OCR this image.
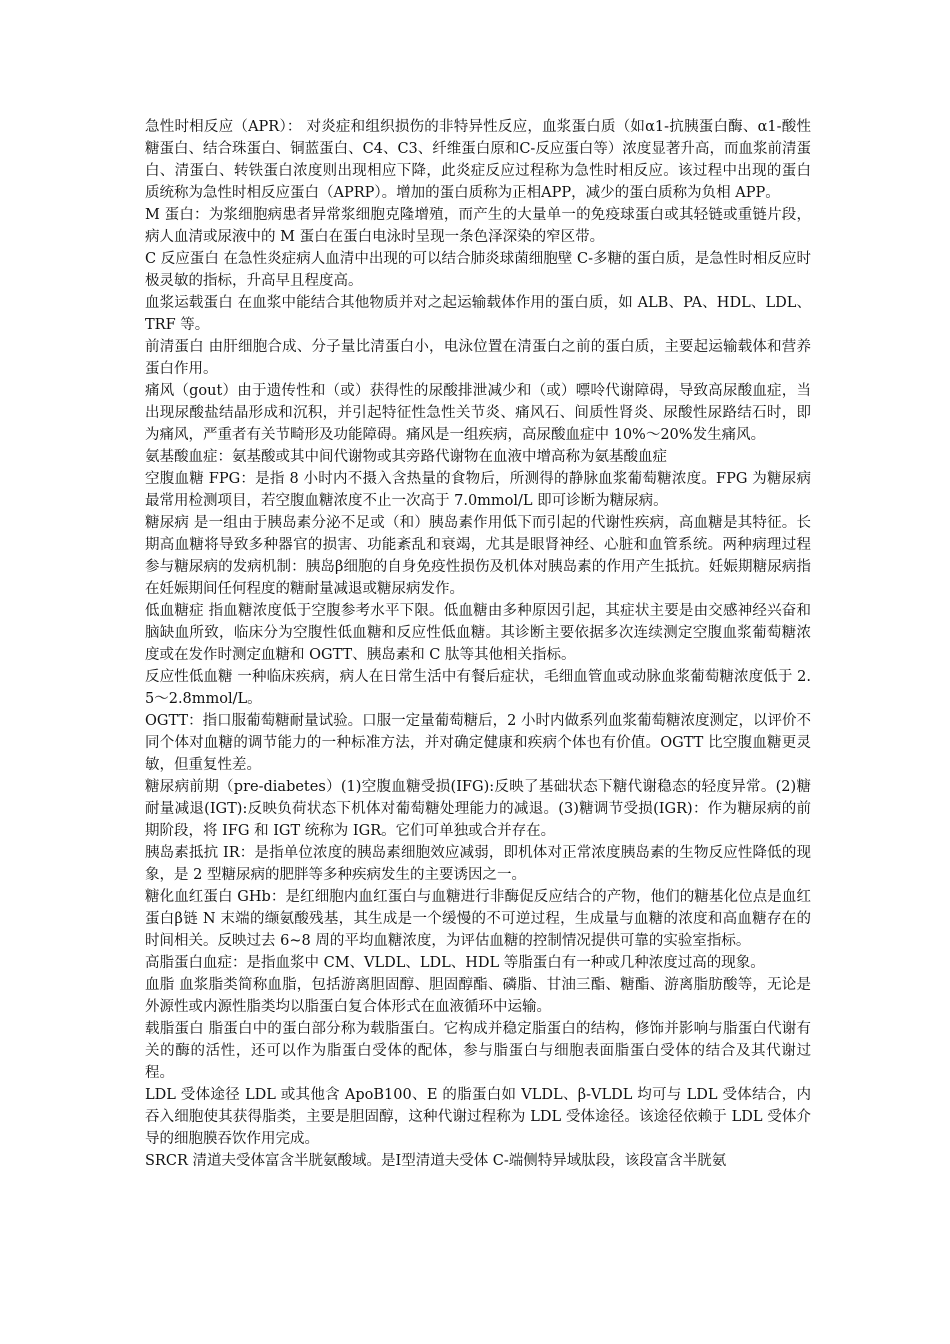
急性时相反应（APR）： 对炎症和组织损伤的非特异性反应，血浆蛋白质（如α1-抗胰蛋白酶、α1-酸性糖蛋白、结合珠蛋白、铜蓝蛋白、C4、C3、纤维蛋白原和C-反应蛋白等）浓度显著升高，而血浆前清蛋白、清蛋白、转铁蛋白浓度则出现相应下降，此炎症反应过程称为急性时相反应。该过程中出现的蛋白质统称为急性时相反应蛋白（APRP）。增加的蛋白质称为正相APP，减少的蛋白质称为负相 APP。

M 蛋白：为浆细胞病患者异常浆细胞克隆增殖，而产生的大量单一的免疫球蛋白或其轻链或重链片段，病人血清或尿液中的 M 蛋白在蛋白电泳时呈现一条色泽深染的窄区带。

C 反应蛋白 在急性炎症病人血清中出现的可以结合肺炎球菌细胞壁 C-多糖的蛋白质，是急性时相反应时极灵敏的指标，升高早且程度高。

血浆运载蛋白 在血浆中能结合其他物质并对之起运输载体作用的蛋白质，如 ALB、PA、HDL、LDL、TRF 等。

前清蛋白 由肝细胞合成、分子量比清蛋白小，电泳位置在清蛋白之前的蛋白质，主要起运输载体和营养蛋白作用。

痛风（gout）由于遗传性和（或）获得性的尿酸排泄减少和（或）嘌呤代谢障碍，导致高尿酸血症，当出现尿酸盐结晶形成和沉积，并引起特征性急性关节炎、痛风石、间质性肾炎、尿酸性尿路结石时，即为痛风，严重者有关节畸形及功能障碍。痛风是一组疾病，高尿酸血症中 10%～20%发生痛风。

氨基酸血症：氨基酸或其中间代谢物或其旁路代谢物在血液中增高称为氨基酸血症

空腹血糖 FPG：是指 8 小时内不摄入含热量的食物后，所测得的静脉血浆葡萄糖浓度。FPG 为糖尿病最常用检测项目，若空腹血糖浓度不止一次高于 7.0mmol/L 即可诊断为糖尿病。

糖尿病 是一组由于胰岛素分泌不足或（和）胰岛素作用低下而引起的代谢性疾病，高血糖是其特征。长期高血糖将导致多种器官的损害、功能紊乱和衰竭，尤其是眼肾神经、心脏和血管系统。两种病理过程参与糖尿病的发病机制：胰岛β细胞的自身免疫性损伤及机体对胰岛素的作用产生抵抗。妊娠期糖尿病指在妊娠期间任何程度的糖耐量减退或糖尿病发作。

低血糖症 指血糖浓度低于空腹参考水平下限。低血糖由多种原因引起，其症状主要是由交感神经兴奋和脑缺血所致，临床分为空腹性低血糖和反应性低血糖。其诊断主要依据多次连续测定空腹血浆葡萄糖浓度或在发作时测定血糖和 OGTT、胰岛素和 C 肽等其他相关指标。

反应性低血糖 一种临床疾病，病人在日常生活中有餐后症状，毛细血管血或动脉血浆葡萄糖浓度低于 2.5～2.8mmol/L。

OGTT：指口服葡萄糖耐量试验。口服一定量葡萄糖后，2 小时内做系列血浆葡萄糖浓度测定，以评价不同个体对血糖的调节能力的一种标准方法，并对确定健康和疾病个体也有价值。OGTT 比空腹血糖更灵敏，但重复性差。

糖尿病前期（pre-diabetes）(1)空腹血糖受损(IFG):反映了基础状态下糖代谢稳态的轻度异常。(2)糖耐量减退(IGT):反映负荷状态下机体对葡萄糖处理能力的减退。(3)糖调节受损(IGR)：作为糖尿病的前期阶段，将 IFG 和 IGT 统称为 IGR。它们可单独或合并存在。

胰岛素抵抗 IR：是指单位浓度的胰岛素细胞效应减弱，即机体对正常浓度胰岛素的生物反应性降低的现象，是 2 型糖尿病的肥胖等多种疾病发生的主要诱因之一。

糖化血红蛋白 GHb：是红细胞内血红蛋白与血糖进行非酶促反应结合的产物，他们的糖基化位点是血红蛋白β链 N 末端的缬氨酸残基，其生成是一个缓慢的不可逆过程，生成量与血糖的浓度和高血糖存在的时间相关。反映过去 6~8 周的平均血糖浓度，为评估血糖的控制情况提供可靠的实验室指标。

高脂蛋白血症：是指血浆中 CM、VLDL、LDL、HDL 等脂蛋白有一种或几种浓度过高的现象。

血脂 血浆脂类简称血脂，包括游离胆固醇、胆固醇酯、磷脂、甘油三酯、糖酯、游离脂肪酸等，无论是外源性或内源性脂类均以脂蛋白复合体形式在血液循环中运输。

载脂蛋白 脂蛋白中的蛋白部分称为载脂蛋白。它构成并稳定脂蛋白的结构，修饰并影响与脂蛋白代谢有关的酶的活性，还可以作为脂蛋白受体的配体，参与脂蛋白与细胞表面脂蛋白受体的结合及其代谢过程。

LDL 受体途径 LDL 或其他含 ApoB100、E 的脂蛋白如 VLDL、β-VLDL 均可与 LDL 受体结合，内吞入细胞使其获得脂类，主要是胆固醇，这种代谢过程称为 LDL 受体途径。该途径依赖于 LDL 受体介导的细胞膜吞饮作用完成。

SRCR 清道夫受体富含半胱氨酸域。是Ⅰ型清道夫受体 C-端侧特异域肽段，该段富含半胱氨
